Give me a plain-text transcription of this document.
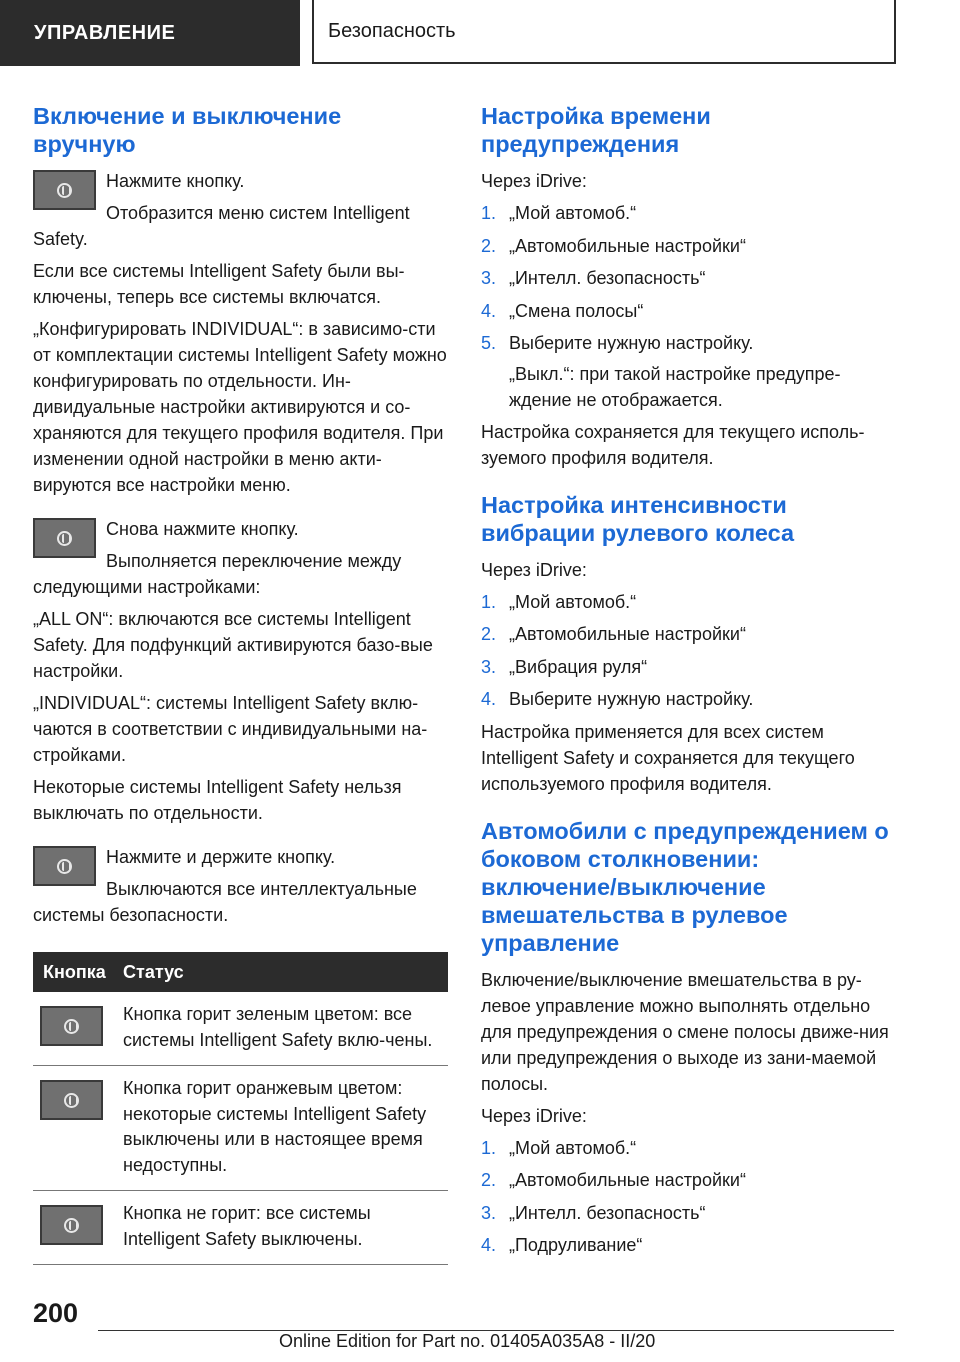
УПРАВЛЕНИЕ	Безопасность
Включение и выключение вручную

Нажмите кнопку.

Отобразится меню систем Intelligent Safety.

Если все системы Intelligent Safety были вы-ключены, теперь все системы включатся.

„Конфигурировать INDIVIDUAL“: в зависимо-сти от комплектации системы Intelligent Safety можно конфигурировать по отдельности. Ин-дивидуальные настройки активируются и со-храняются для текущего профиля водителя. При изменении одной настройки в меню акти-вируются все настройки меню.

Снова нажмите кнопку.

Выполняется переключение между следующими настройками:

„ALL ON“: включаются все системы Intelligent Safety. Для подфункций активируются базо-вые настройки.

„INDIVIDUAL“: системы Intelligent Safety вклю-чаются в соответствии с индивидуальными на-стройками.

Некоторые системы Intelligent Safety нельзя выключать по отдельности.

Нажмите и держите кнопку.

Выключаются все интеллектуальные системы безопасности.

Кнопка	Статус

	Кнопка горит зеленым цветом: все системы Intelligent Safety вклю-чены.

	Кнопка горит оранжевым цветом: некоторые системы Intelligent Safety выключены или в настоящее время недоступны.

	Кнопка не горит: все системы Intelligent Safety выключены.
Настройка времени предупреждения

Через iDrive:

1. „Мой автомоб.“
2. „Автомобильные настройки“
3. „Интелл. безопасность“
4. „Смена полосы“
5. Выберите нужную настройку.

„Выкл.“: при такой настройке предупре-ждение не отображается.

Настройка сохраняется для текущего исполь-зуемого профиля водителя.

Настройка интенсивности вибрации рулевого колеса

Через iDrive:

1. „Мой автомоб.“
2. „Автомобильные настройки“
3. „Вибрация руля“
4. Выберите нужную настройку.

Настройка применяется для всех систем Intelligent Safety и сохраняется для текущего используемого профиля водителя.

Автомобили с предупреждением о боковом столкновении: включение/выключение вмешательства в рулевое управление

Включение/выключение вмешательства в ру-левое управление можно выполнять отдельно для предупреждения о смене полосы движе-ния или предупреждения о выходе из зани-маемой полосы.

Через iDrive:

1. „Мой автомоб.“
2. „Автомобильные настройки“
3. „Интелл. безопасность“
4. „Подруливание“
200
Online Edition for Part no. 01405A035A8 - II/20
